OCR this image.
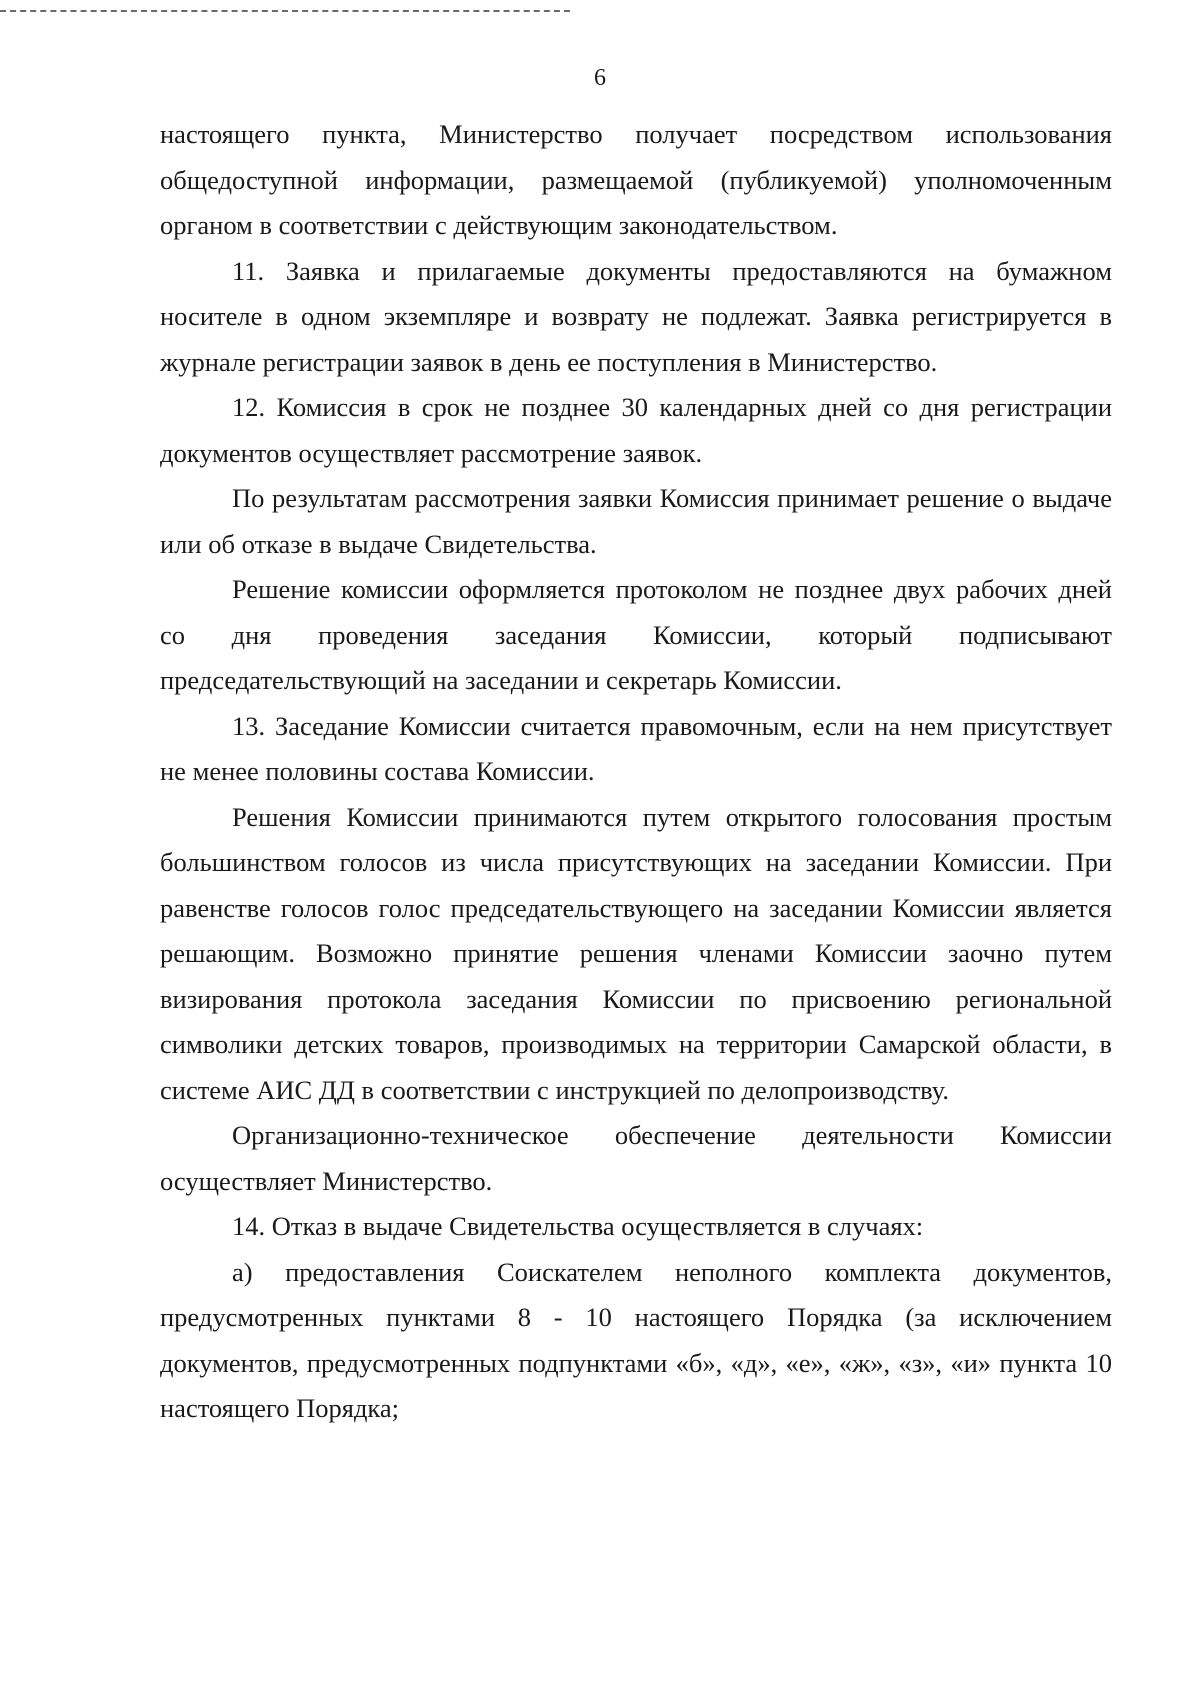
6

настоящего пункта, Министерство получает посредством использования общедоступной информации, размещаемой (публикуемой) уполномоченным органом в соответствии с действующим законодательством.

11. Заявка и прилагаемые документы предоставляются на бумажном носителе в одном экземпляре и возврату не подлежат. Заявка регистрируется в журнале регистрации заявок в день ее поступления в Министерство.

12. Комиссия в срок не позднее 30 календарных дней со дня регистрации документов осуществляет рассмотрение заявок.

По результатам рассмотрения заявки Комиссия принимает решение о выдаче или об отказе в выдаче Свидетельства.

Решение комиссии оформляется протоколом не позднее двух рабочих дней со дня проведения заседания Комиссии, который подписывают председательствующий на заседании и секретарь Комиссии.

13. Заседание Комиссии считается правомочным, если на нем присутствует не менее половины состава Комиссии.

Решения Комиссии принимаются путем открытого голосования простым большинством голосов из числа присутствующих на заседании Комиссии. При равенстве голосов голос председательствующего на заседании Комиссии является решающим. Возможно принятие решения членами Комиссии заочно путем визирования протокола заседания Комиссии по присвоению региональной символики детских товаров, производимых на территории Самарской области, в системе АИС ДД в соответствии с инструкцией по делопроизводству.

Организационно-техническое обеспечение деятельности Комиссии осуществляет Министерство.

14. Отказ в выдаче Свидетельства осуществляется в случаях:

а) предоставления Соискателем неполного комплекта документов, предусмотренных пунктами 8 - 10 настоящего Порядка (за исключением документов, предусмотренных подпунктами «б», «д», «е», «ж», «з», «и» пункта 10 настоящего Порядка;
